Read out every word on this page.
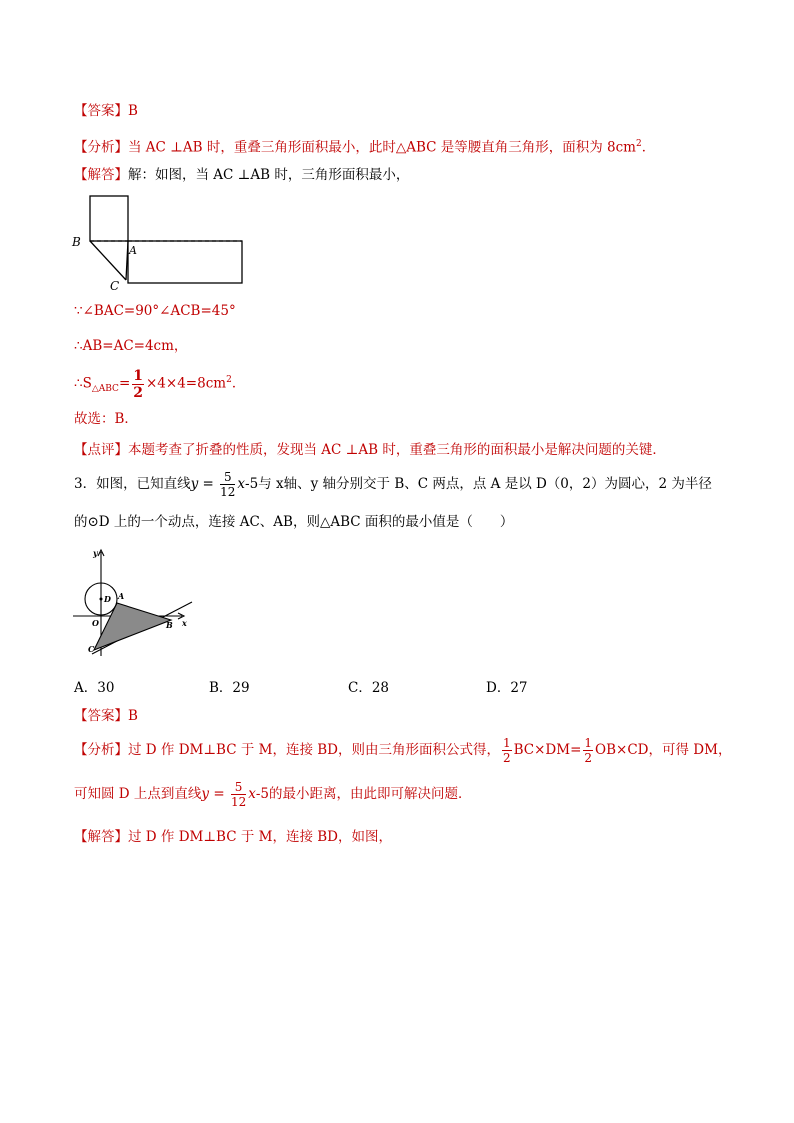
【答案】B
【分析】当 AC ⊥AB 时，重叠三角形面积最小，此时△ABC 是等腰直角三角形，面积为 $8cm^2$．
【解答】解：如图，当 AC ⊥AB 时，三角形面积最小，
B
A
C
∵∠BAC=90°∠ACB=45°
∴AB=AC=4cm，
$\therefore S_{\triangle ABC}= \frac{1}{2} \times 4\times 4=8cm^2$．
故选：B．
【点评】本题考查了折叠的性质，发现当 AC ⊥AB 时，重叠三角形的面积最小是解决问题的关键．
3．如图，已知直线$y = \frac{5}{12} x-5$与 x轴、y 轴分别交于 B、C 两点，点 A 是以 D（0，2）为圆心，2 为半径
的⊙D 上的一个动点，连接 AC、AB，则△ABC 面积的最小值是（　　）
y
x
O
D A
B
C
A．30	B．29	C．28	D．27
【答案】B
【分析】过 D 作 DM⊥BC 于 M，连接 BD，则由三角形面积公式得， $\frac{1}{2} BC\times DM= \frac{1}{2} OB\times CD$，可得 DM，
可知圆 D 上点到直线$y = \frac{5}{12} x-5$的最小距离，由此即可解决问题．
【解答】过 D 作 DM⊥BC 于 M，连接 BD，如图，
